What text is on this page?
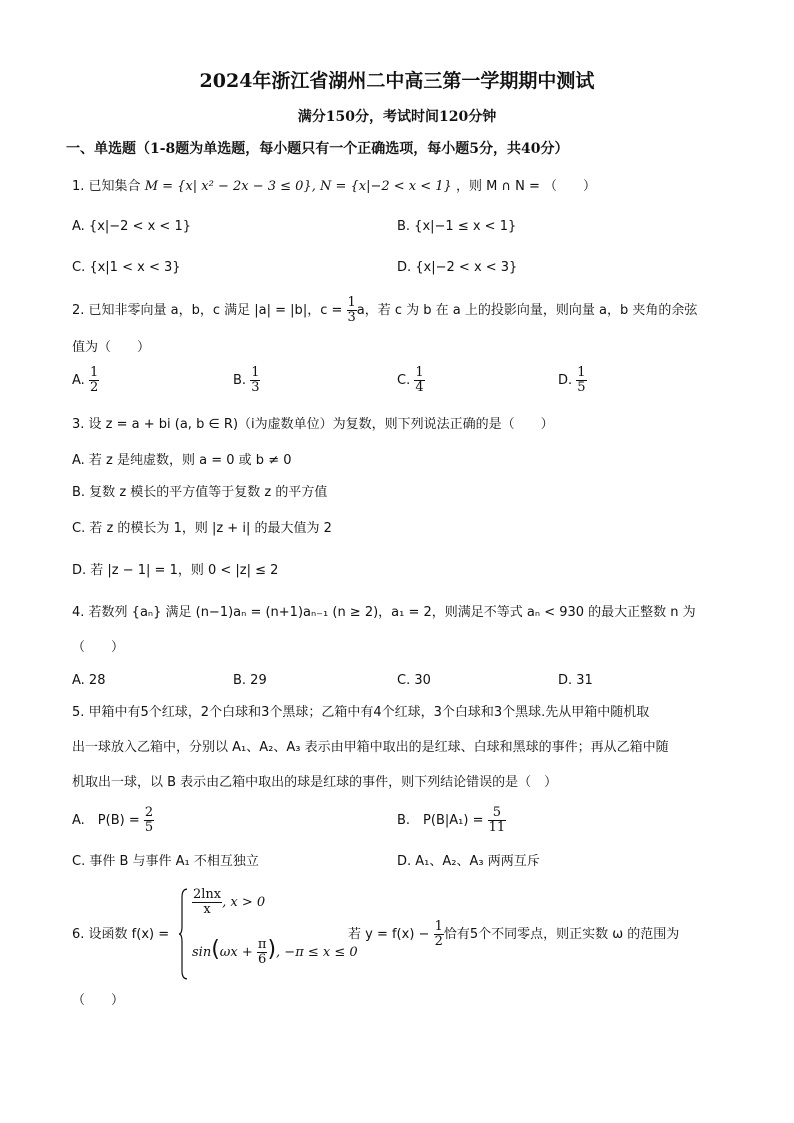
2024年浙江省湖州二中高三第一学期期中测试
满分150分，考试时间120分钟
一、单选题（1-8题为单选题，每小题只有一个正确选项，每小题5分，共40分）
1. 已知集合 M = {x| x² − 2x − 3 ≤ 0}, N = {x|−2 < x < 1} ，则 M ∩ N = （　　）
A. {x|−2 < x < 1}	B. {x|−1 ≤ x < 1}
C. {x|1 < x < 3}	D. {x|−2 < x < 3}
2. 已知非零向量 a，b，c 满足 |a| = |b|，$c = \frac{1}{3}$ a，若 c 为 b 在 a 上的投影向量，则向量 a，b 夹角的余弦
值为（　　）
A. $\frac{1}{2}$	B. $\frac{1}{3}$	C. $\frac{1}{4}$	D. $\frac{1}{5}$
3. 设 z = a + bi (a, b ∈ R)（i为虚数单位）为复数，则下列说法正确的是（　　）
A. 若 z 是纯虚数，则 a = 0 或 b ≠ 0
B. 复数 z 模长的平方值等于复数 z 的平方值
C. 若 z 的模长为 1，则 |z + i| 的最大值为 2
D. 若 |z − 1| = 1，则 0 < |z| ≤ 2
4. 若数列 {aₙ} 满足 (n−1)aₙ = (n+1)aₙ₋₁ (n ≥ 2)，a₁ = 2，则满足不等式 aₙ < 930 的最大正整数 n 为
（　　）
A. 28	B. 29	C. 30	D. 31
5. 甲箱中有5个红球，2个白球和3个黑球；乙箱中有4个红球，3个白球和3个黑球.先从甲箱中随机取
出一球放入乙箱中，分别以 A₁、A₂、A₃ 表示由甲箱中取出的是红球、白球和黑球的事件；再从乙箱中随
机取出一球，以 B 表示由乙箱中取出的球是红球的事件，则下列结论错误的是（　）
A.　$P(B) = \frac{2}{5}$	B.　$P(B|A_1) = \frac{5}{11}$
C. 事件 B 与事件 A₁ 不相互独立	D. A₁、A₂、A₃ 两两互斥
6. 设函数 f(x) =
$\frac{2\ln x}{x}$ , x > 0
$\sin(\omega x + \frac{\pi}{6}$ ), −π ≤ x ≤ 0
若 $y = f(x) - \frac{1}{2}$ 恰有5个不同零点，则正实数 ω 的范围为
（　　）
